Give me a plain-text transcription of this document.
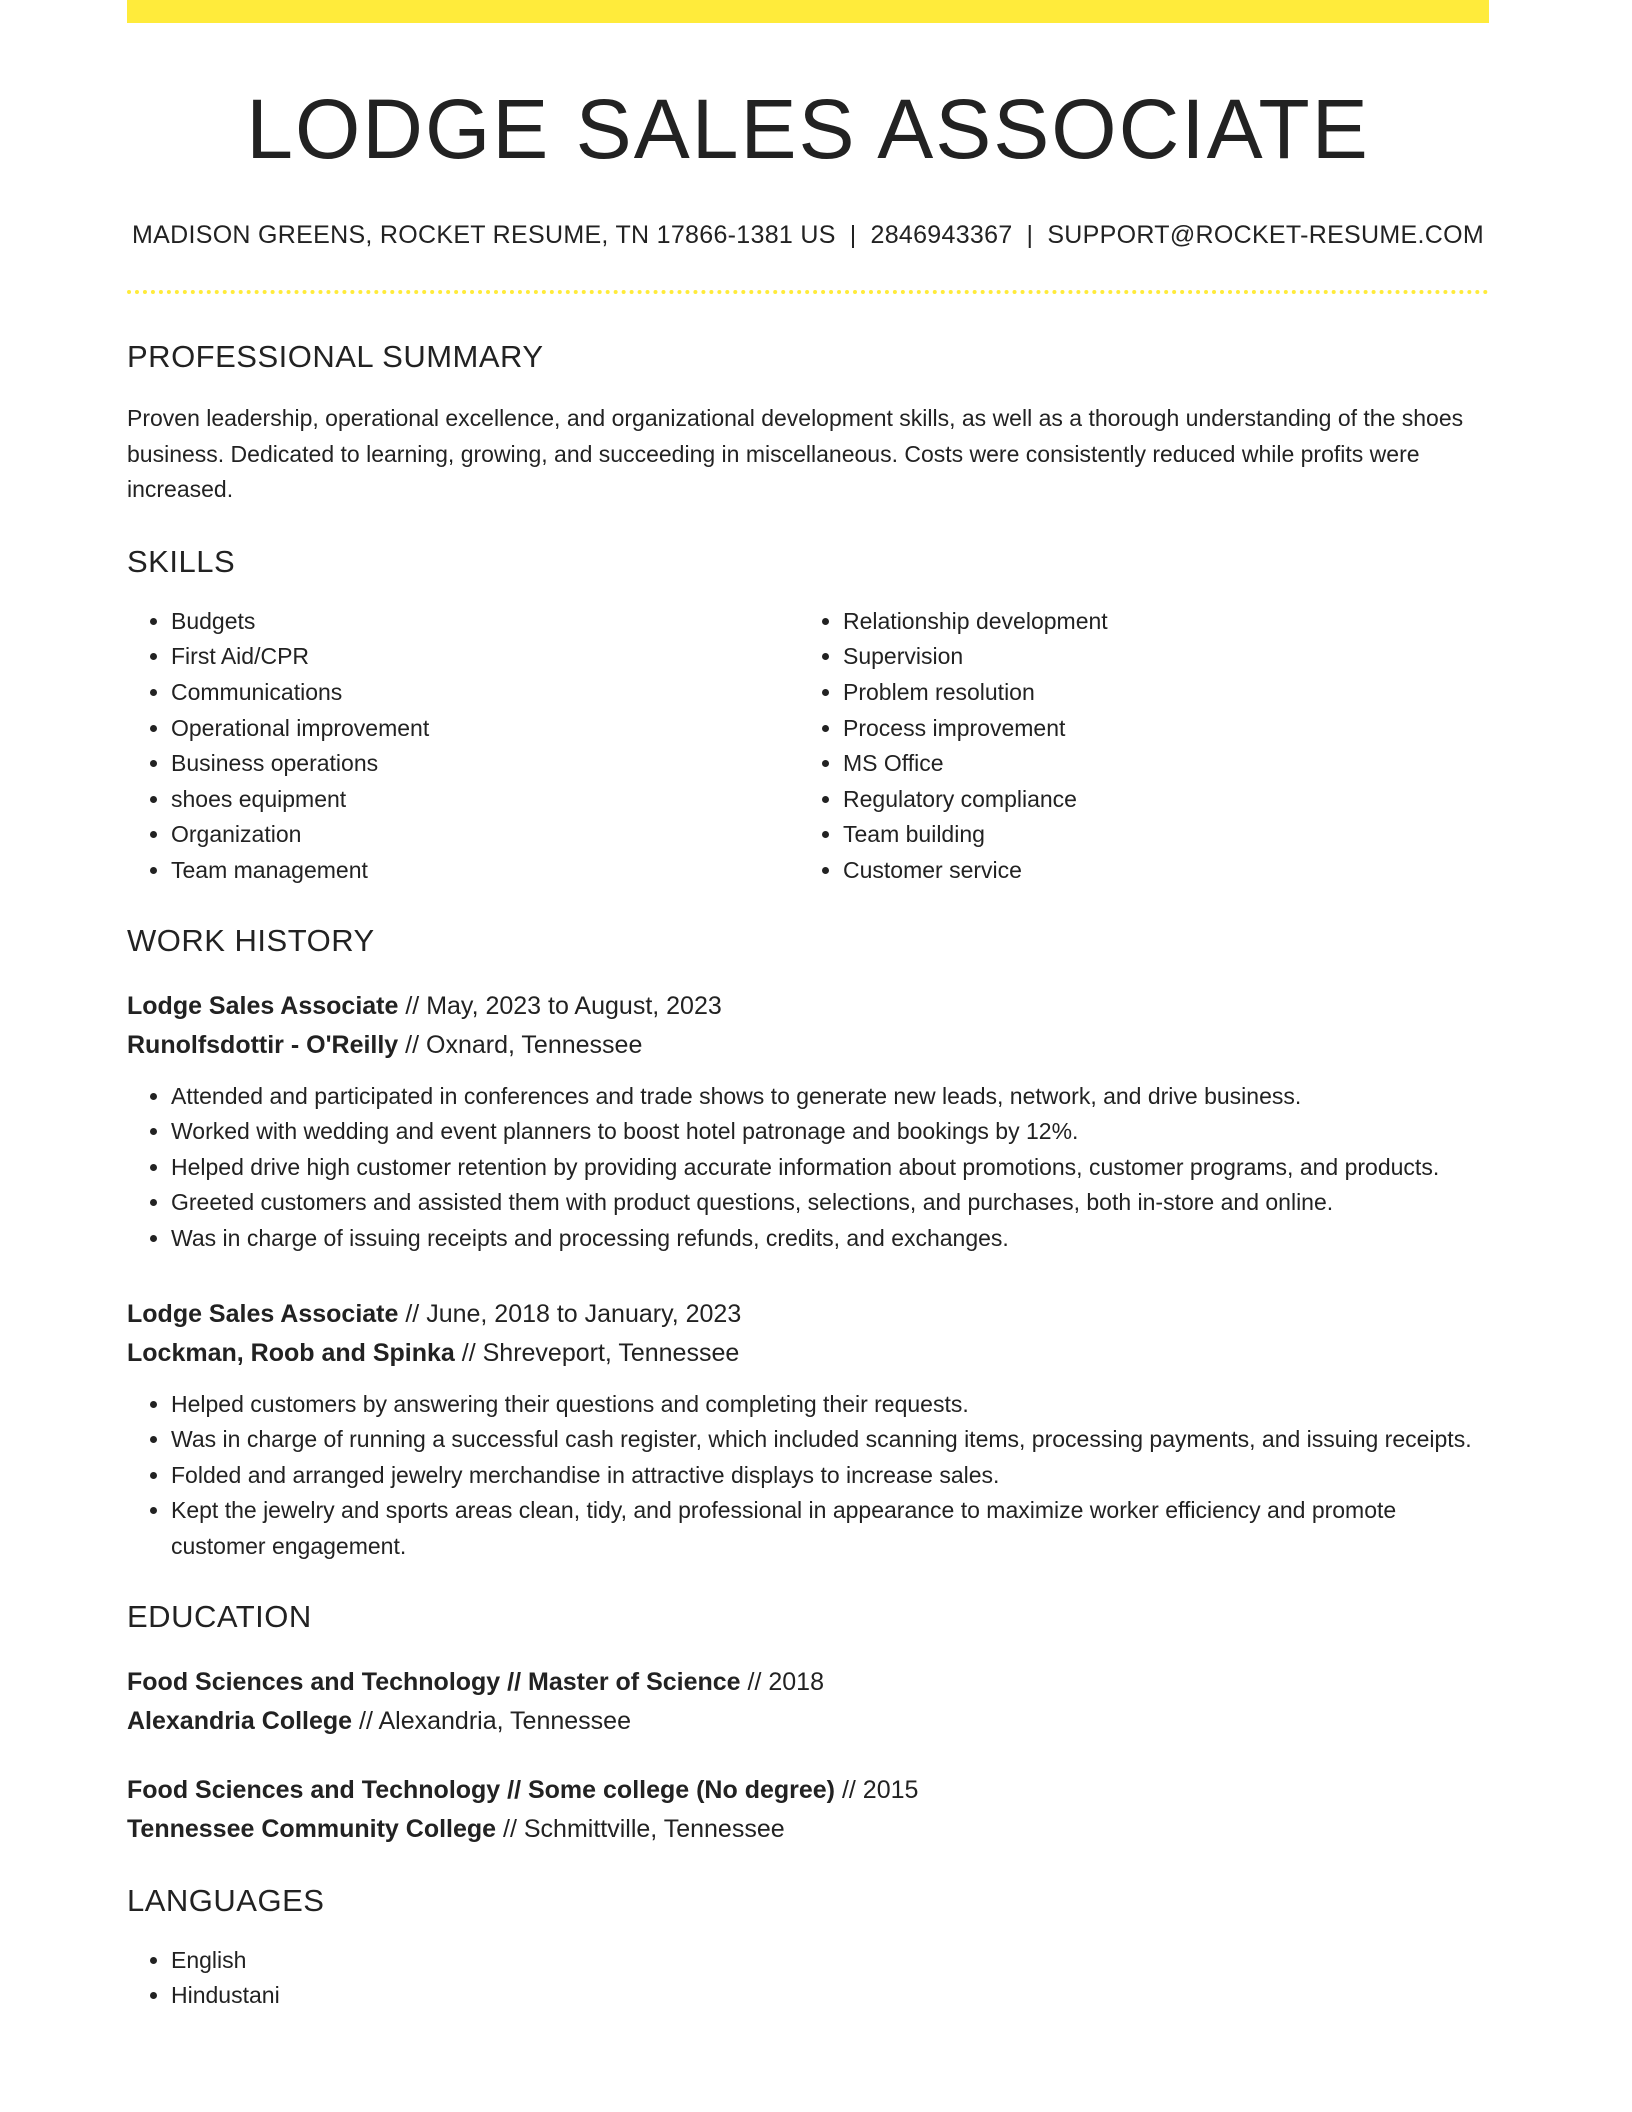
LODGE SALES ASSOCIATE
MADISON GREENS, ROCKET RESUME, TN 17866-1381 US | 2846943367 | SUPPORT@ROCKET-RESUME.COM
PROFESSIONAL SUMMARY

Proven leadership, operational excellence, and organizational development skills, as well as a thorough understanding of the shoes business. Dedicated to learning, growing, and succeeding in miscellaneous. Costs were consistently reduced while profits were increased.

SKILLS
• Budgets
• First Aid/CPR
• Communications
• Operational improvement
• Business operations
• shoes equipment
• Organization
• Team management
• Relationship development
• Supervision
• Problem resolution
• Process improvement
• MS Office
• Regulatory compliance
• Team building
• Customer service
WORK HISTORY

Lodge Sales Associate // May, 2023 to August, 2023

Runolfsdottir - O'Reilly // Oxnard, Tennessee

• Attended and participated in conferences and trade shows to generate new leads, network, and drive business.
• Worked with wedding and event planners to boost hotel patronage and bookings by 12%.
• Helped drive high customer retention by providing accurate information about promotions, customer programs, and products.
• Greeted customers and assisted them with product questions, selections, and purchases, both in-store and online.
• Was in charge of issuing receipts and processing refunds, credits, and exchanges.

Lodge Sales Associate // June, 2018 to January, 2023

Lockman, Roob and Spinka // Shreveport, Tennessee

• Helped customers by answering their questions and completing their requests.
• Was in charge of running a successful cash register, which included scanning items, processing payments, and issuing receipts.
• Folded and arranged jewelry merchandise in attractive displays to increase sales.
• Kept the jewelry and sports areas clean, tidy, and professional in appearance to maximize worker efficiency and promote customer engagement.
EDUCATION

Food Sciences and Technology // Master of Science // 2018

Alexandria College // Alexandria, Tennessee

Food Sciences and Technology // Some college (No degree) // 2015

Tennessee Community College // Schmittville, Tennessee

LANGUAGES
• English
• Hindustani
